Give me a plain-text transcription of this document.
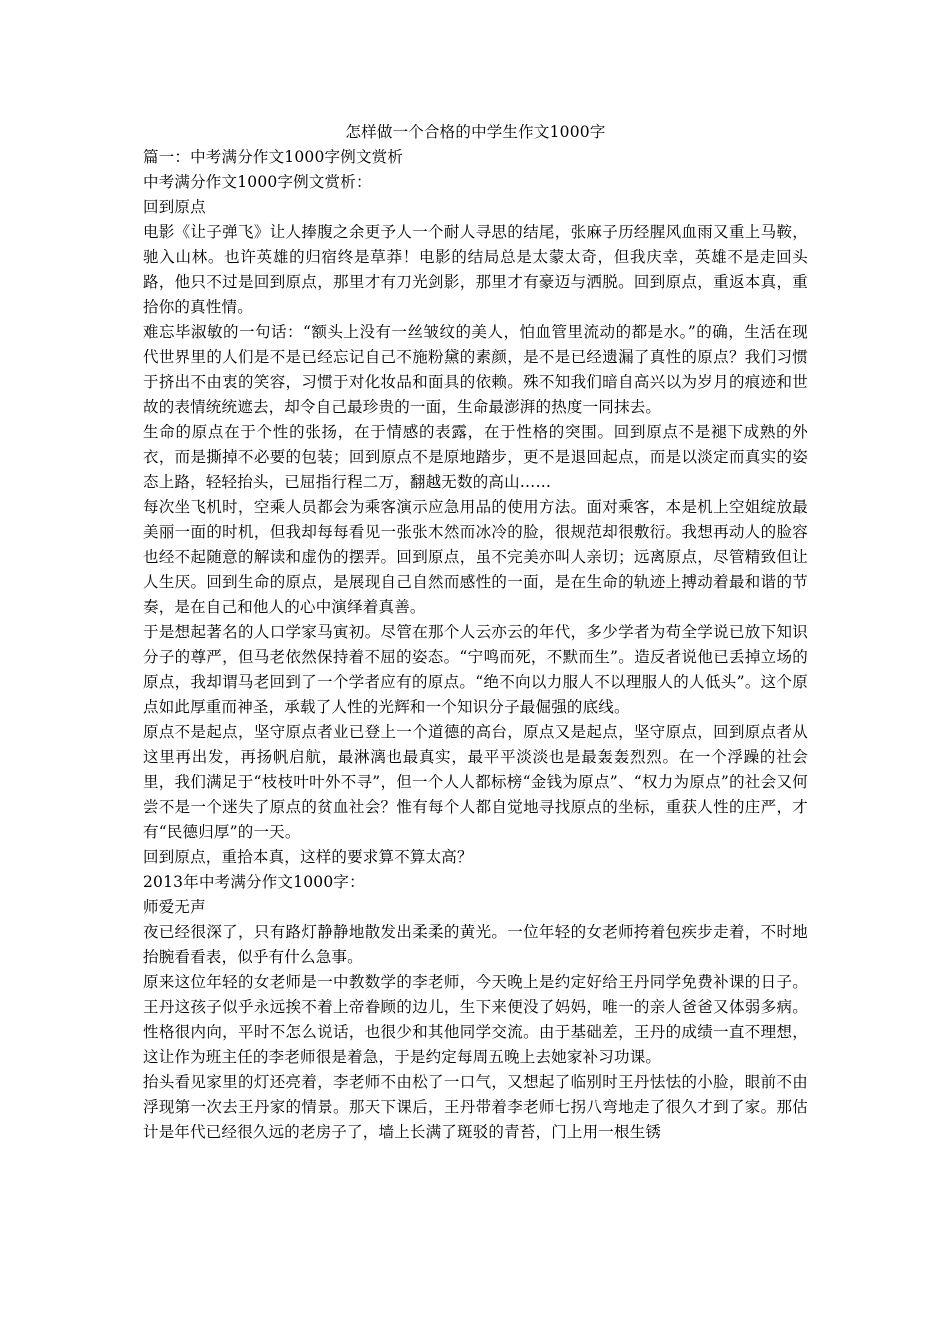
怎样做一个合格的中学生作文1000字

篇一：中考满分作文1000字例文赏析

中考满分作文1000字例文赏析：

回到原点

电影《让子弹飞》让人捧腹之余更予人一个耐人寻思的结尾，张麻子历经腥风血雨又重上马鞍，驰入山林。也许英雄的归宿终是草莽！电影的结局总是太蒙太奇，但我庆幸，英雄不是走回头路，他只不过是回到原点，那里才有刀光剑影，那里才有豪迈与洒脱。回到原点，重返本真，重拾你的真性情。

难忘毕淑敏的一句话：“额头上没有一丝皱纹的美人，怕血管里流动的都是水。”的确，生活在现代世界里的人们是不是已经忘记自己不施粉黛的素颜，是不是已经遗漏了真性的原点？我们习惯于挤出不由衷的笑容，习惯于对化妆品和面具的依赖。殊不知我们暗自高兴以为岁月的痕迹和世故的表情统统遮去，却令自己最珍贵的一面，生命最澎湃的热度一同抹去。

生命的原点在于个性的张扬，在于情感的表露，在于性格的突围。回到原点不是褪下成熟的外衣，而是撕掉不必要的包装；回到原点不是原地踏步，更不是退回起点，而是以淡定而真实的姿态上路，轻轻抬头，已屈指行程二万，翻越无数的高山……

每次坐飞机时，空乘人员都会为乘客演示应急用品的使用方法。面对乘客，本是机上空姐绽放最美丽一面的时机，但我却每每看见一张张木然而冰冷的脸，很规范却很敷衍。我想再动人的脸容也经不起随意的解读和虚伪的摆弄。回到原点，虽不完美亦叫人亲切；远离原点，尽管精致但让人生厌。回到生命的原点，是展现自己自然而感性的一面，是在生命的轨迹上搏动着最和谐的节奏，是在自己和他人的心中演绎着真善。

于是想起著名的人口学家马寅初。尽管在那个人云亦云的年代，多少学者为苟全学说已放下知识分子的尊严，但马老依然保持着不屈的姿态。“宁鸣而死，不默而生”。造反者说他已丢掉立场的原点，我却谓马老回到了一个学者应有的原点。“绝不向以力服人不以理服人的人低头”。这个原点如此厚重而神圣，承载了人性的光辉和一个知识分子最倔强的底线。

原点不是起点，坚守原点者业已登上一个道德的高台，原点又是起点，坚守原点，回到原点者从这里再出发，再扬帆启航，最淋漓也最真实，最平平淡淡也是最轰轰烈烈。在一个浮躁的社会里，我们满足于“枝枝叶叶外不寻”，但一个人人都标榜“金钱为原点”、“权力为原点”的社会又何尝不是一个迷失了原点的贫血社会？惟有每个人都自觉地寻找原点的坐标，重获人性的庄严，才有“民德归厚”的一天。

回到原点，重拾本真，这样的要求算不算太高？

2013年中考满分作文1000字：

师爱无声

夜已经很深了，只有路灯静静地散发出柔柔的黄光。一位年轻的女老师挎着包疾步走着，不时地抬腕看看表，似乎有什么急事。

原来这位年轻的女老师是一中教数学的李老师，今天晚上是约定好给王丹同学免费补课的日子。王丹这孩子似乎永远挨不着上帝眷顾的边儿，生下来便没了妈妈，唯一的亲人爸爸又体弱多病。性格很内向，平时不怎么说话，也很少和其他同学交流。由于基础差，王丹的成绩一直不理想，这让作为班主任的李老师很是着急，于是约定每周五晚上去她家补习功课。

抬头看见家里的灯还亮着，李老师不由松了一口气，又想起了临别时王丹怯怯的小脸，眼前不由浮现第一次去王丹家的情景。那天下课后，王丹带着李老师七拐八弯地走了很久才到了家。那估计是年代已经很久远的老房子了，墙上长满了斑驳的青苔，门上用一根生锈
